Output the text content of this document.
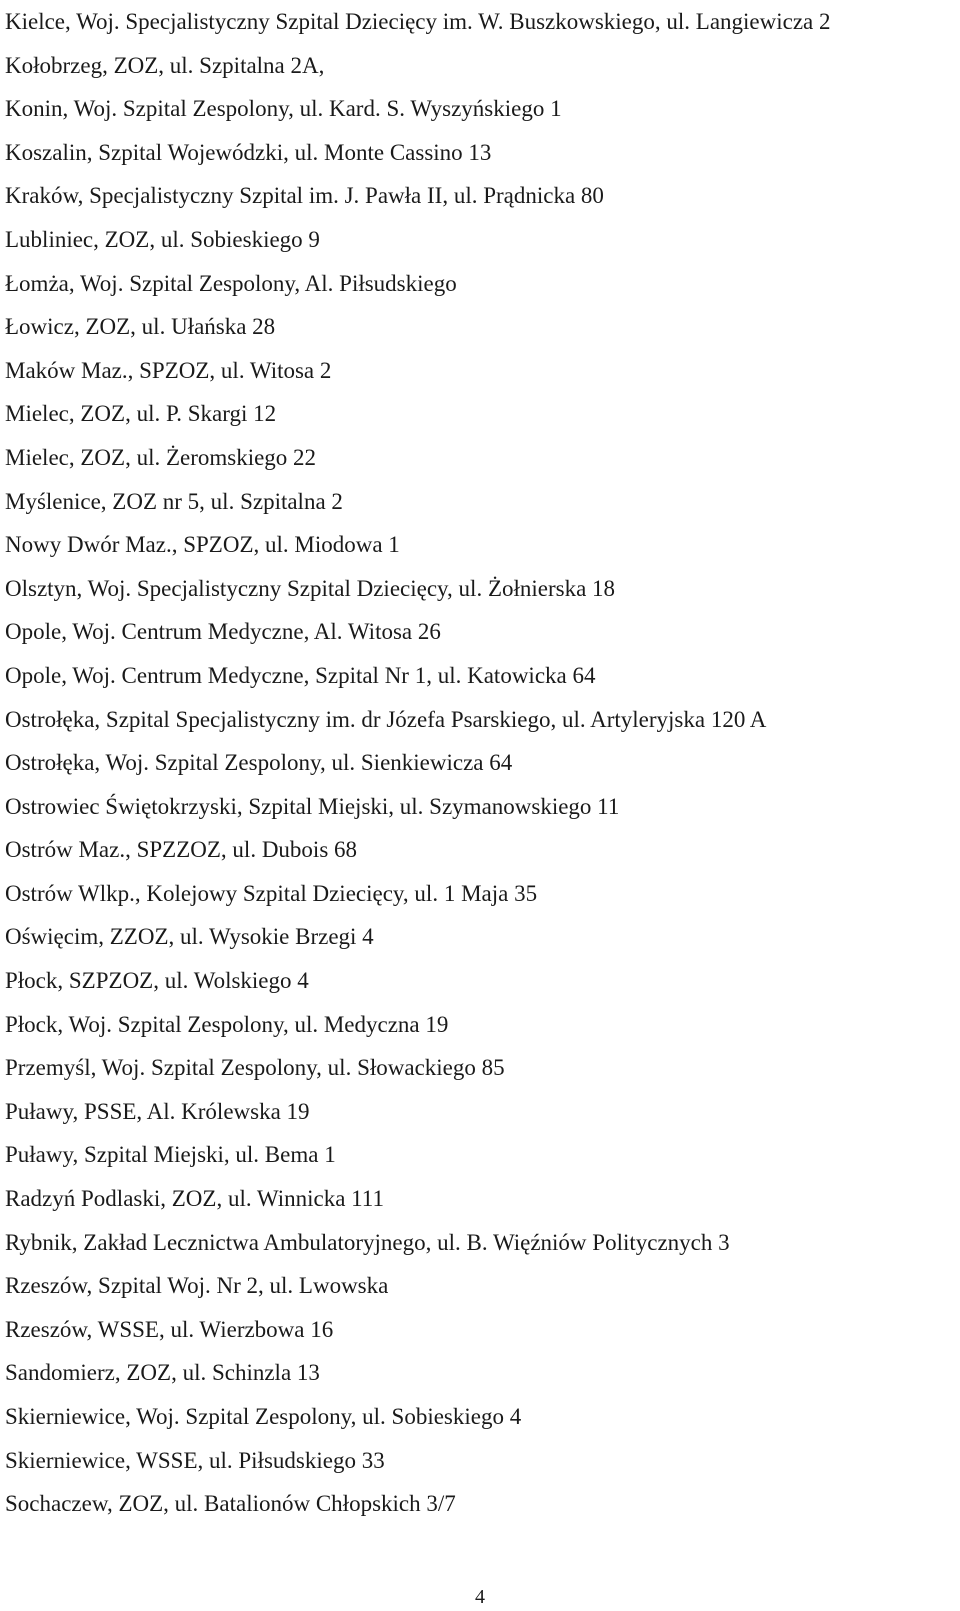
Kielce, Woj. Specjalistyczny Szpital Dziecięcy im. W. Buszkowskiego, ul. Langiewicza 2
Kołobrzeg, ZOZ, ul. Szpitalna 2A,
Konin, Woj. Szpital Zespolony, ul. Kard. S. Wyszyńskiego 1
Koszalin, Szpital Wojewódzki, ul. Monte Cassino 13
Kraków, Specjalistyczny Szpital im. J. Pawła II, ul. Prądnicka 80
Lubliniec, ZOZ, ul. Sobieskiego 9
Łomża, Woj. Szpital Zespolony, Al. Piłsudskiego
Łowicz, ZOZ, ul. Ułańska 28
Maków Maz., SPZOZ, ul. Witosa 2
Mielec, ZOZ, ul. P. Skargi 12
Mielec, ZOZ, ul. Żeromskiego 22
Myślenice, ZOZ nr 5, ul. Szpitalna 2
Nowy Dwór Maz., SPZOZ, ul. Miodowa 1
Olsztyn, Woj. Specjalistyczny Szpital Dziecięcy, ul. Żołnierska 18
Opole, Woj. Centrum Medyczne, Al. Witosa 26
Opole, Woj. Centrum Medyczne, Szpital Nr 1, ul. Katowicka 64
Ostrołęka, Szpital Specjalistyczny im. dr Józefa Psarskiego, ul. Artyleryjska 120 A
Ostrołęka, Woj. Szpital Zespolony, ul. Sienkiewicza 64
Ostrowiec Świętokrzyski, Szpital Miejski, ul. Szymanowskiego 11
Ostrów Maz., SPZZOZ, ul. Dubois 68
Ostrów Wlkp., Kolejowy Szpital Dziecięcy, ul. 1 Maja 35
Oświęcim, ZZOZ, ul. Wysokie Brzegi 4
Płock, SZPZOZ, ul. Wolskiego 4
Płock, Woj. Szpital Zespolony, ul. Medyczna 19
Przemyśl, Woj. Szpital Zespolony, ul. Słowackiego 85
Puławy, PSSE, Al. Królewska 19
Puławy, Szpital Miejski, ul. Bema 1
Radzyń Podlaski, ZOZ, ul. Winnicka 111
Rybnik, Zakład Lecznictwa Ambulatoryjnego, ul. B. Więźniów Politycznych 3
Rzeszów, Szpital Woj. Nr 2, ul. Lwowska
Rzeszów, WSSE, ul. Wierzbowa 16
Sandomierz, ZOZ, ul. Schinzla 13
Skierniewice, Woj. Szpital Zespolony, ul. Sobieskiego 4
Skierniewice, WSSE, ul. Piłsudskiego 33
Sochaczew, ZOZ, ul. Batalionów Chłopskich 3/7
4
